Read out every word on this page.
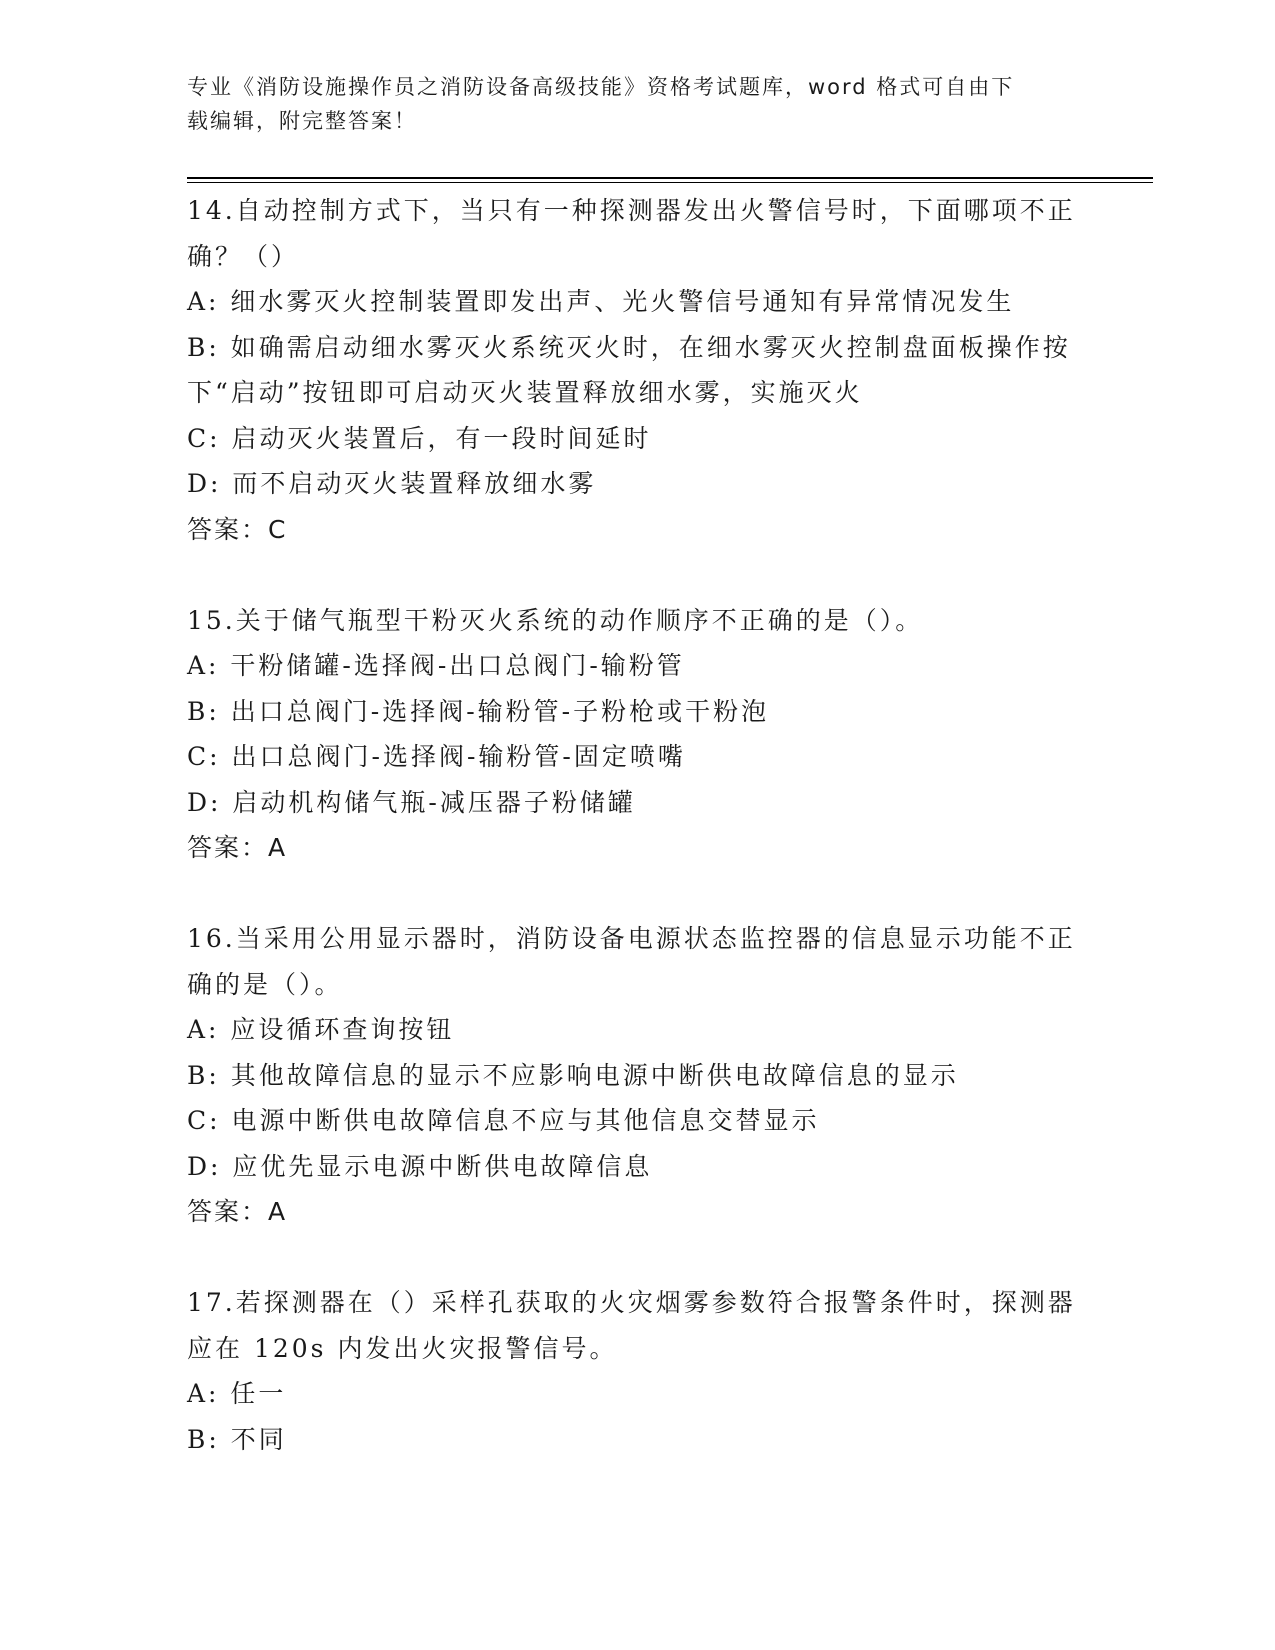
专业《消防设施操作员之消防设备高级技能》资格考试题库，word 格式可自由下
载编辑，附完整答案！

14.自动控制方式下，当只有一种探测器发出火警信号时，下面哪项不正确？（）

A: 细水雾灭火控制装置即发出声、光火警信号通知有异常情况发生

B: 如确需启动细水雾灭火系统灭火时，在细水雾灭火控制盘面板操作按下“启动”按钮即可启动灭火装置释放细水雾，实施灭火

C: 启动灭火装置后，有一段时间延时

D: 而不启动灭火装置释放细水雾

答案：C

15.关于储气瓶型干粉灭火系统的动作顺序不正确的是（）。

A: 干粉储罐-选择阀-出口总阀门-输粉管

B: 出口总阀门-选择阀-输粉管-子粉枪或干粉泡

C: 出口总阀门-选择阀-输粉管-固定喷嘴

D: 启动机构储气瓶-减压器子粉储罐

答案：A

16.当采用公用显示器时，消防设备电源状态监控器的信息显示功能不正确的是（）。

A: 应设循环查询按钮

B: 其他故障信息的显示不应影响电源中断供电故障信息的显示

C: 电源中断供电故障信息不应与其他信息交替显示

D: 应优先显示电源中断供电故障信息

答案：A

17.若探测器在（）采样孔获取的火灾烟雾参数符合报警条件时，探测器应在 120s 内发出火灾报警信号。

A: 任一

B: 不同
